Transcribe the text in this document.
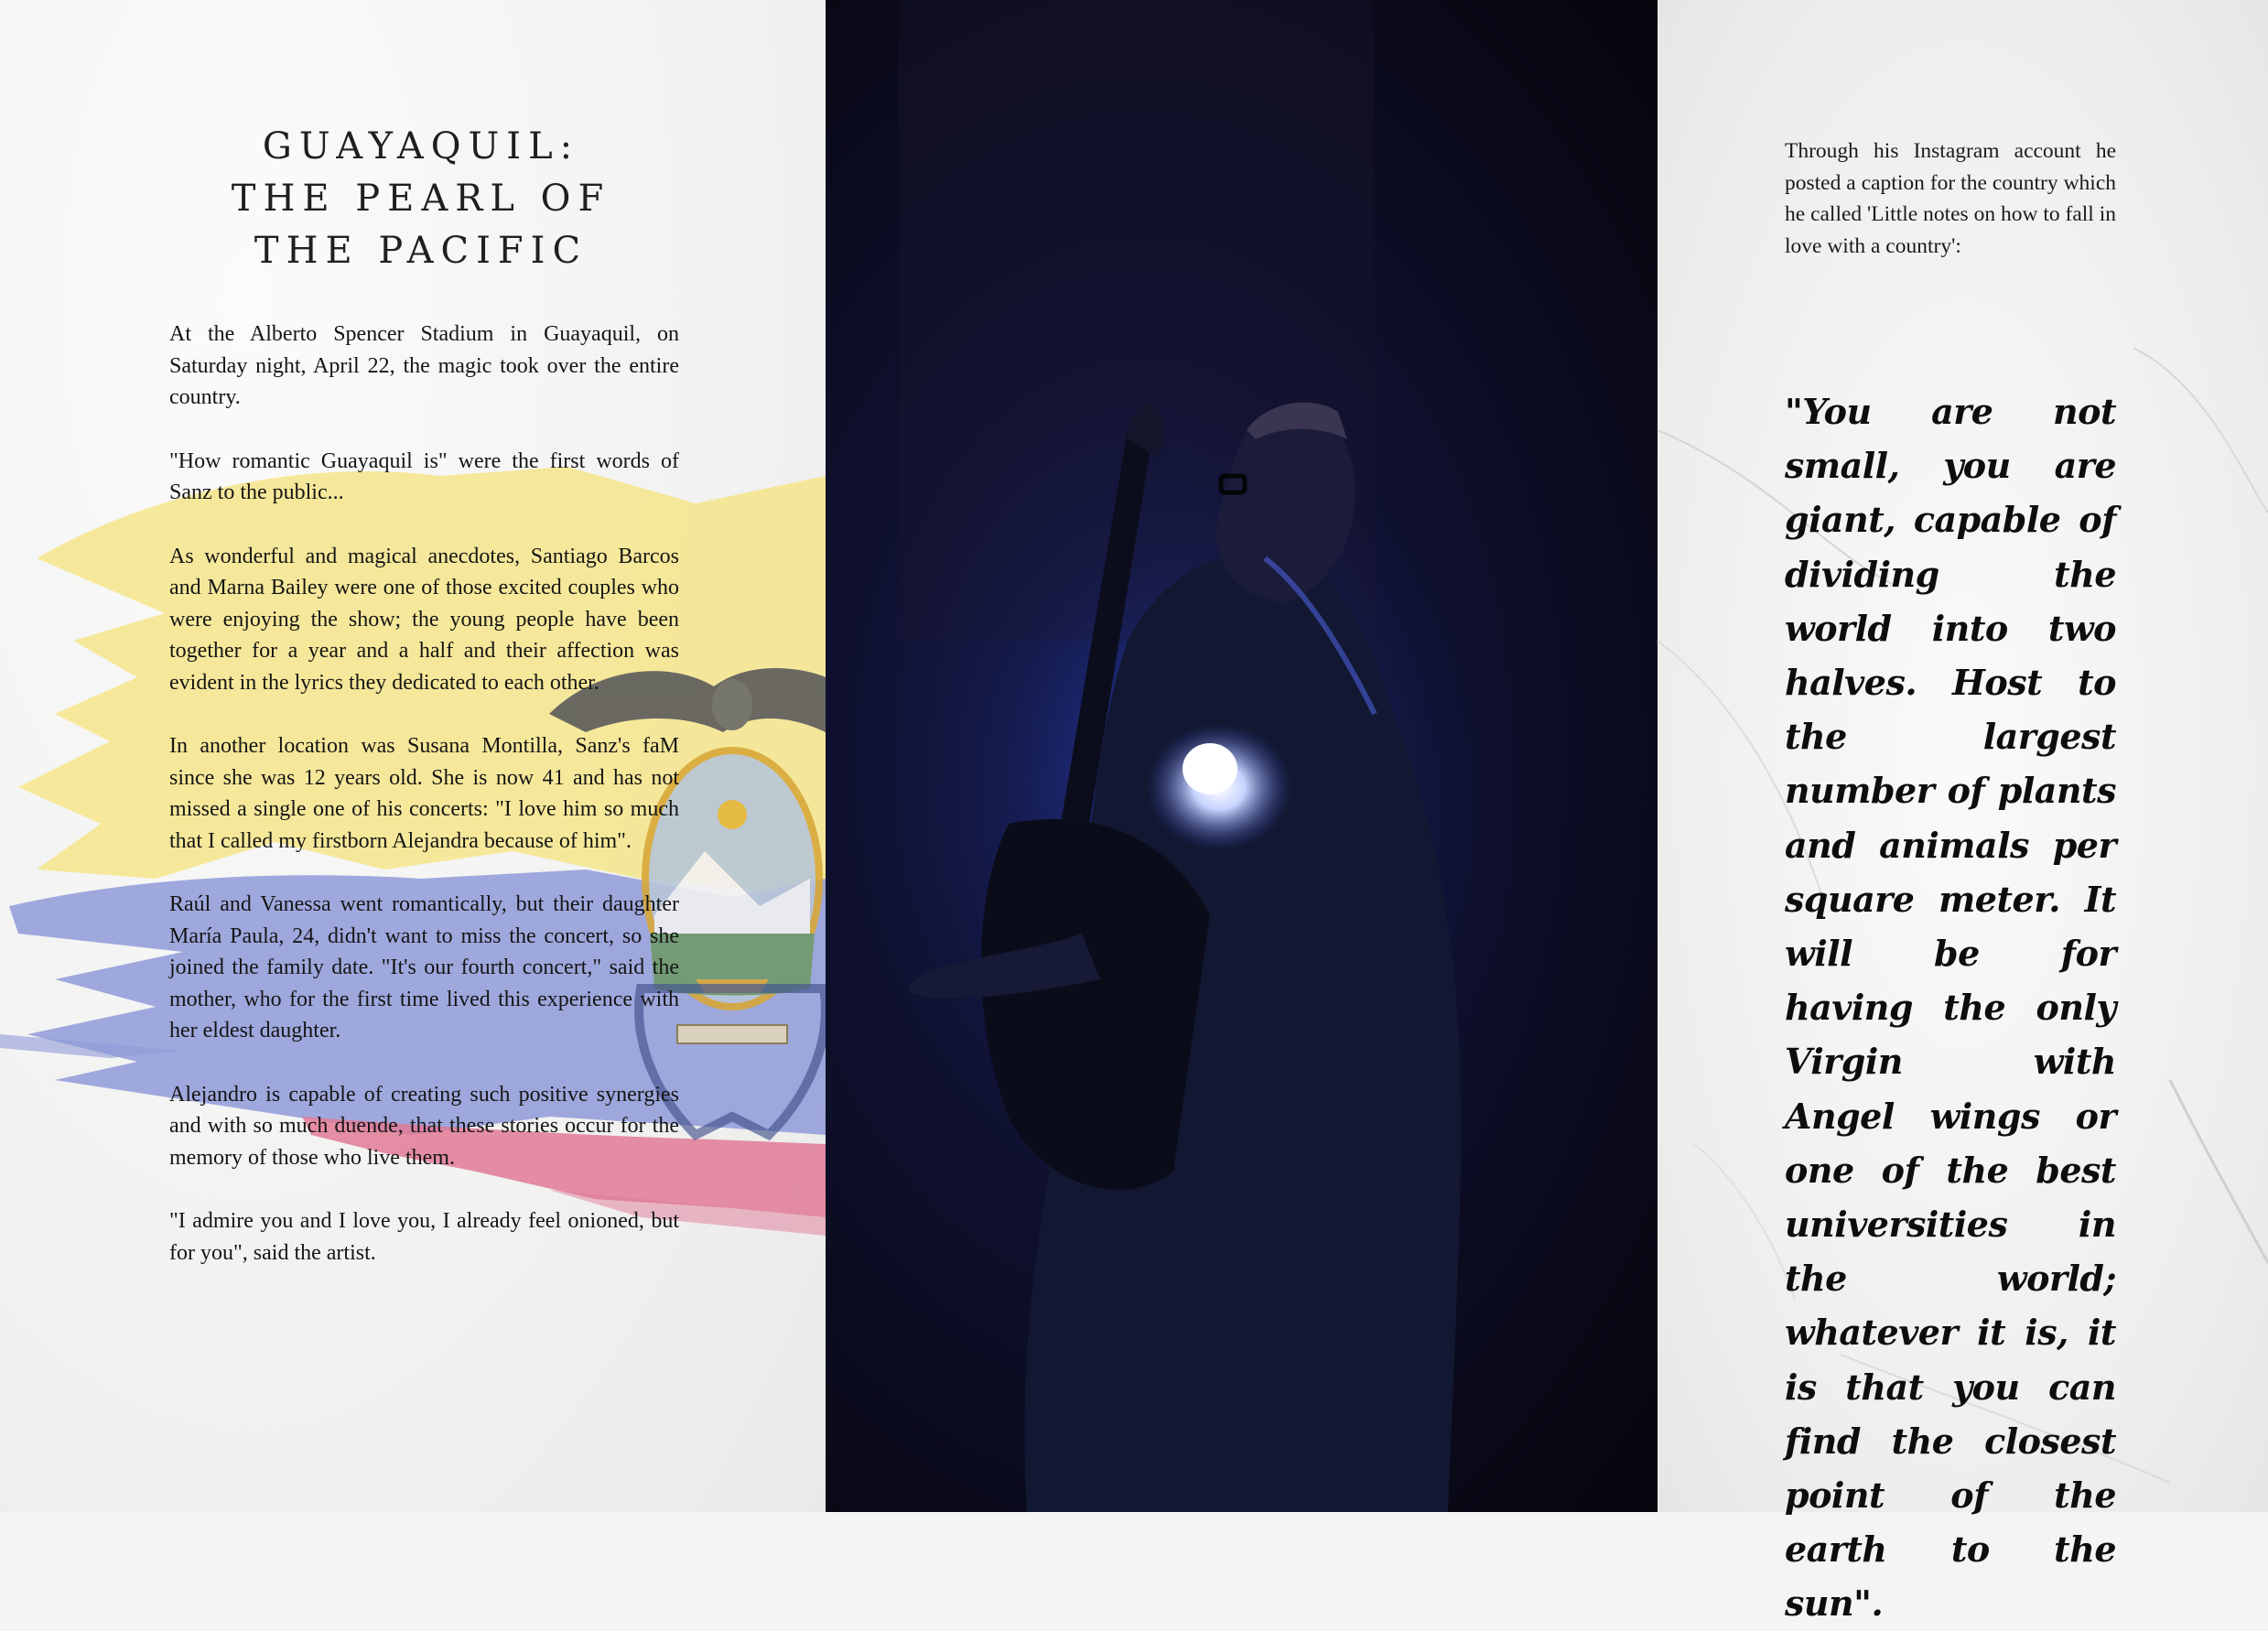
GUAYAQUIL:
THE PEARL OF
THE PACIFIC

At the Alberto Spencer Stadium in Guayaquil, on Saturday night, April 22, the magic took over the entire country.

"How romantic Guayaquil is" were the first words of Sanz to the public...

As wonderful and magical anecdotes, Santiago Barcos and Marna Bailey were one of those excited couples who were enjoying the show; the young people have been together for a year and a half and their affection was evident in the lyrics they dedicated to each other.

In another location was Susana Montilla, Sanz's faM since she was 12 years old. She is now 41 and has not missed a single one of his concerts: "I love him so much that I called my firstborn Alejandra because of him".

Raúl and Vanessa went romantically, but their daughter María Paula, 24, didn't want to miss the concert, so she joined the family date. "It's our fourth concert," said the mother, who for the first time lived this experience with her eldest daughter.

Alejandro is capable of creating such positive synergies and with so much duende, that these stories occur for the memory of those who live them.

"I admire you and I love you, I already feel onioned, but for you", said the artist.

Through his Instagram account he posted a caption for the country which he called 'Little notes on how to fall in love with a country':

"You are not small, you are giant, capable of dividing the world into two halves. Host to the largest number of plants and animals per square meter. It will be for having the only Virgin with Angel wings or one of the best universities in the world; whatever it is, it is that you can find the closest point of the earth to the sun".
